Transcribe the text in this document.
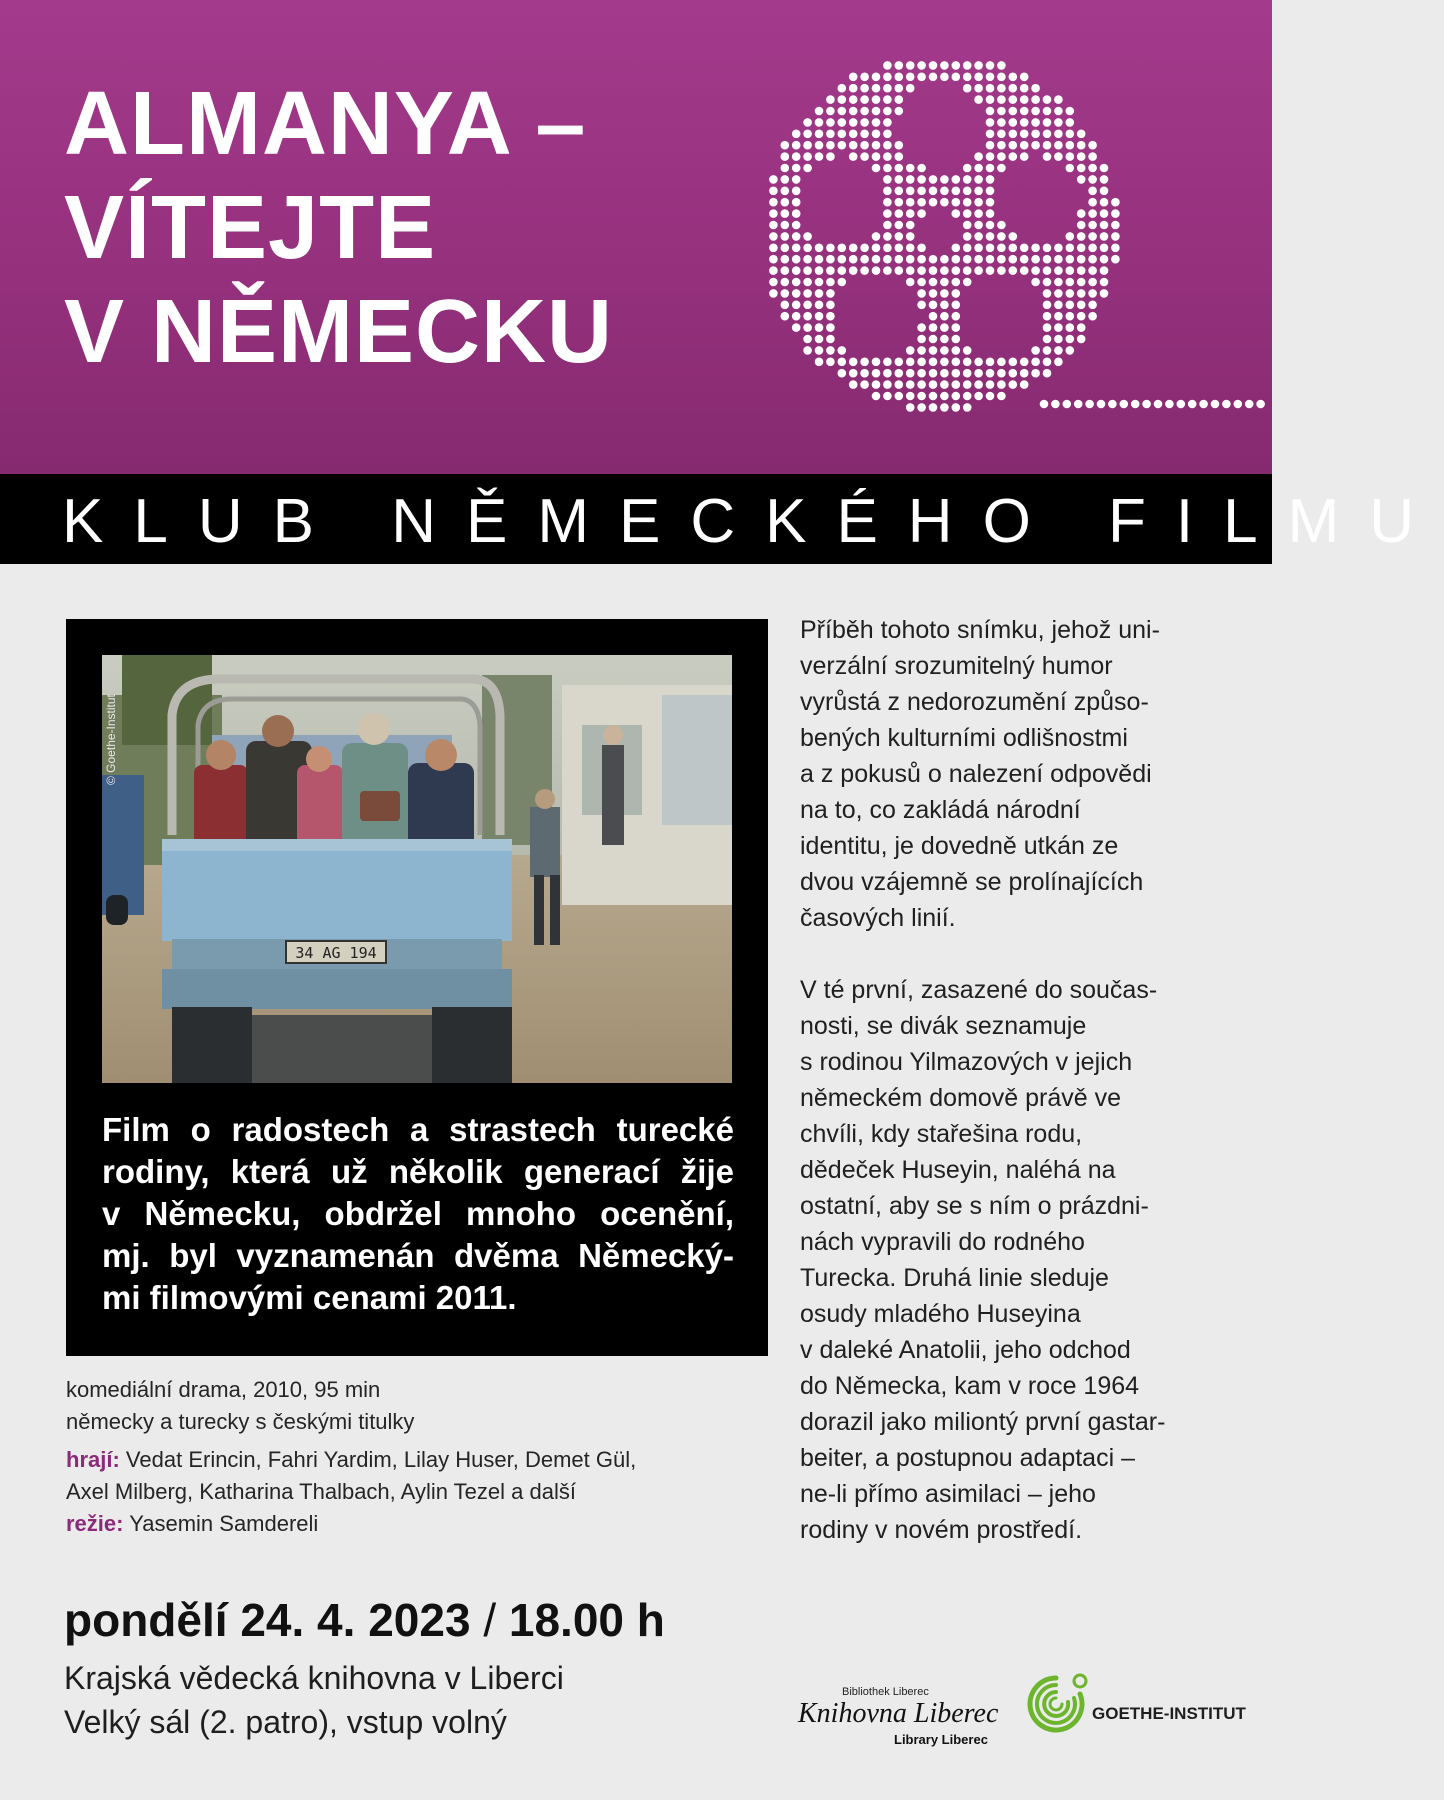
ALMANYA –
VÍTEJTE
V NĚMECKU
KLUB NĚMECKÉHO FILMU
34 AG 194
© Goethe-Institut
Film o radostech a strastech turecké
rodiny, která už několik generací žije
v Německu, obdržel mnoho ocenění,
mj. byl vyznamenán dvěma Německý-
mi filmovými cenami 2011.
komediální drama, 2010, 95 min
německy a turecky s českými titulky
hrají: Vedat Erincin, Fahri Yardim, Lilay Huser, Demet Gül,
Axel Milberg, Katharina Thalbach, Aylin Tezel a další
režie: Yasemin Samdereli

Příběh tohoto snímku, jehož uni-
verzální srozumitelný humor
vyrůstá z nedorozumění způso-
bených kulturními odlišnostmi
a z pokusů o nalezení odpovědi
na to, co zakládá národní
identitu, je dovedně utkán ze
dvou vzájemně se prolínajících
časových linií.

V té první, zasazené do součas-
nosti, se divák seznamuje
s rodinou Yilmazových v jejich
německém domově právě ve
chvíli, kdy stařešina rodu,
dědeček Huseyin, naléhá na
ostatní, aby se s ním o prázdni-
nách vypravili do rodného
Turecka. Druhá linie sleduje
osudy mladého Huseyina
v daleké Anatolii, jeho odchod
do Německa, kam v roce 1964
dorazil jako miliontý první gastar-
beiter, a postupnou adaptaci –
ne-li přímo asimilaci – jeho
rodiny v novém prostředí.

pondělí 24. 4. 2023 / 18.00 h
Krajská vědecká knihovna v Liberci
Velký sál (2. patro), vstup volný
Bibliothek Liberec
Knihovna Liberec
Library Liberec
GOETHE-INSTITUT
